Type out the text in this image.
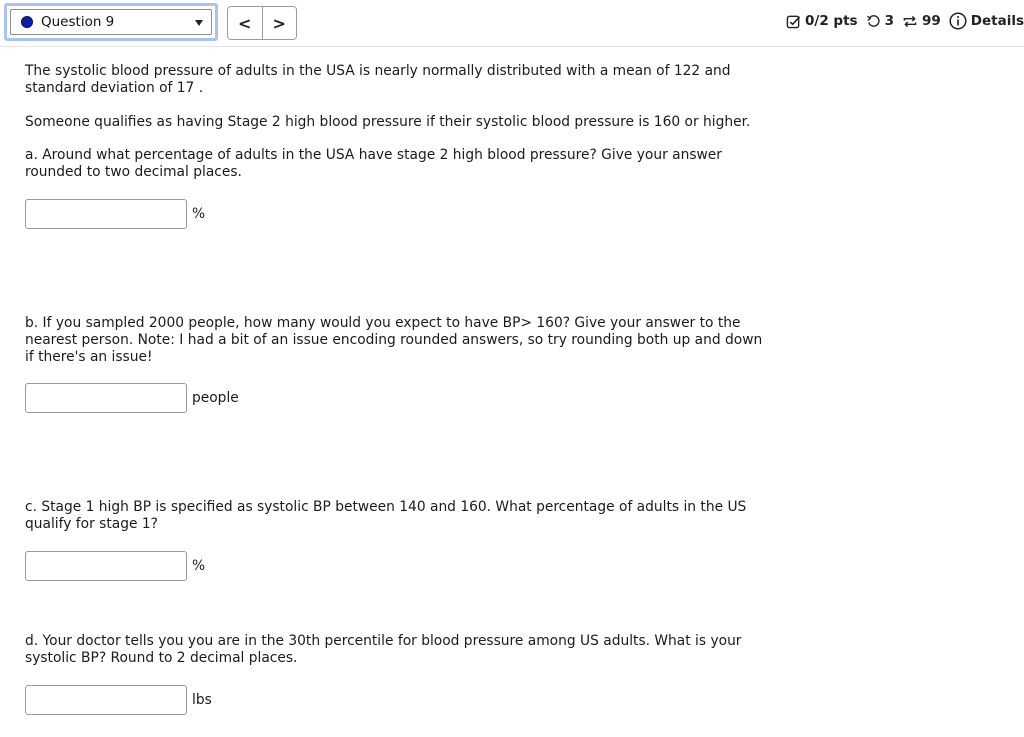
Question 9	<	>	0/2 pts 3 99 Details

The systolic blood pressure of adults in the USA is nearly normally distributed with a mean of 122 and standard deviation of 17 .

Someone qualifies as having Stage 2 high blood pressure if their systolic blood pressure is 160 or higher.

a. Around what percentage of adults in the USA have stage 2 high blood pressure? Give your answer rounded to two decimal places.

%

b. If you sampled 2000 people, how many would you expect to have BP> 160? Give your answer to the nearest person. Note: I had a bit of an issue encoding rounded answers, so try rounding both up and down if there's an issue!

people

c. Stage 1 high BP is specified as systolic BP between 140 and 160. What percentage of adults in the US qualify for stage 1?

%

d. Your doctor tells you you are in the 30th percentile for blood pressure among US adults. What is your systolic BP? Round to 2 decimal places.

lbs
